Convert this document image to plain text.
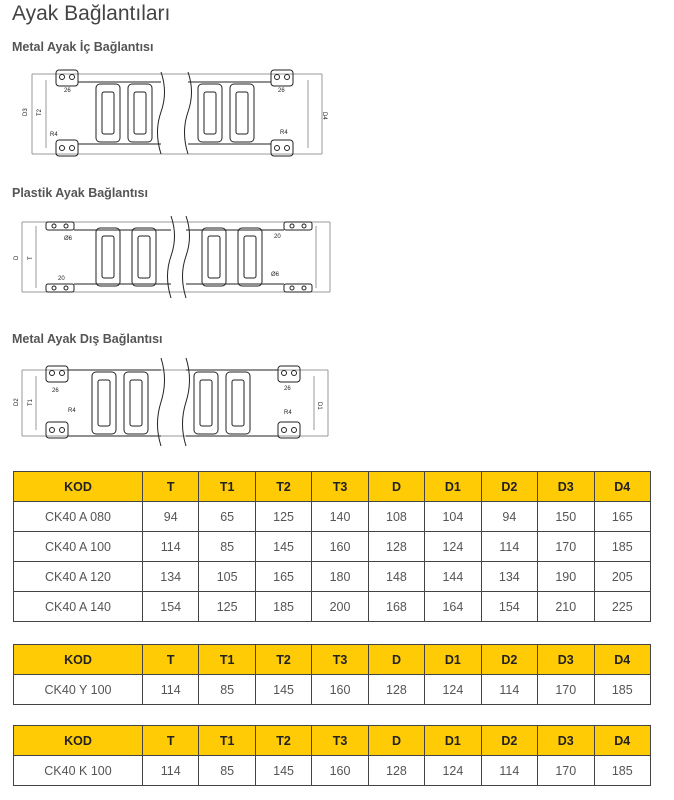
Ayak Bağlantıları
Metal Ayak İç Bağlantısı
D3 T2	D4
26
R4
26
R4
Plastik Ayak Bağlantısı
D T
Ø6
20
20
Ø6
Metal Ayak Dış Bağlantısı
D2 T1	D1
26
R4
26
R4
KOD	T	T1	T2	T3	D	D1	D2	D3	D4
CK40 A 080	94	65	125	140	108	104	94	150	165
CK40 A 100	114	85	145	160	128	124	114	170	185
CK40 A 120	134	105	165	180	148	144	134	190	205
CK40 A 140	154	125	185	200	168	164	154	210	225
KOD	T	T1	T2	T3	D	D1	D2	D3	D4
CK40 Y 100	114	85	145	160	128	124	114	170	185
KOD	T	T1	T2	T3	D	D1	D2	D3	D4
CK40 K 100	114	85	145	160	128	124	114	170	185
